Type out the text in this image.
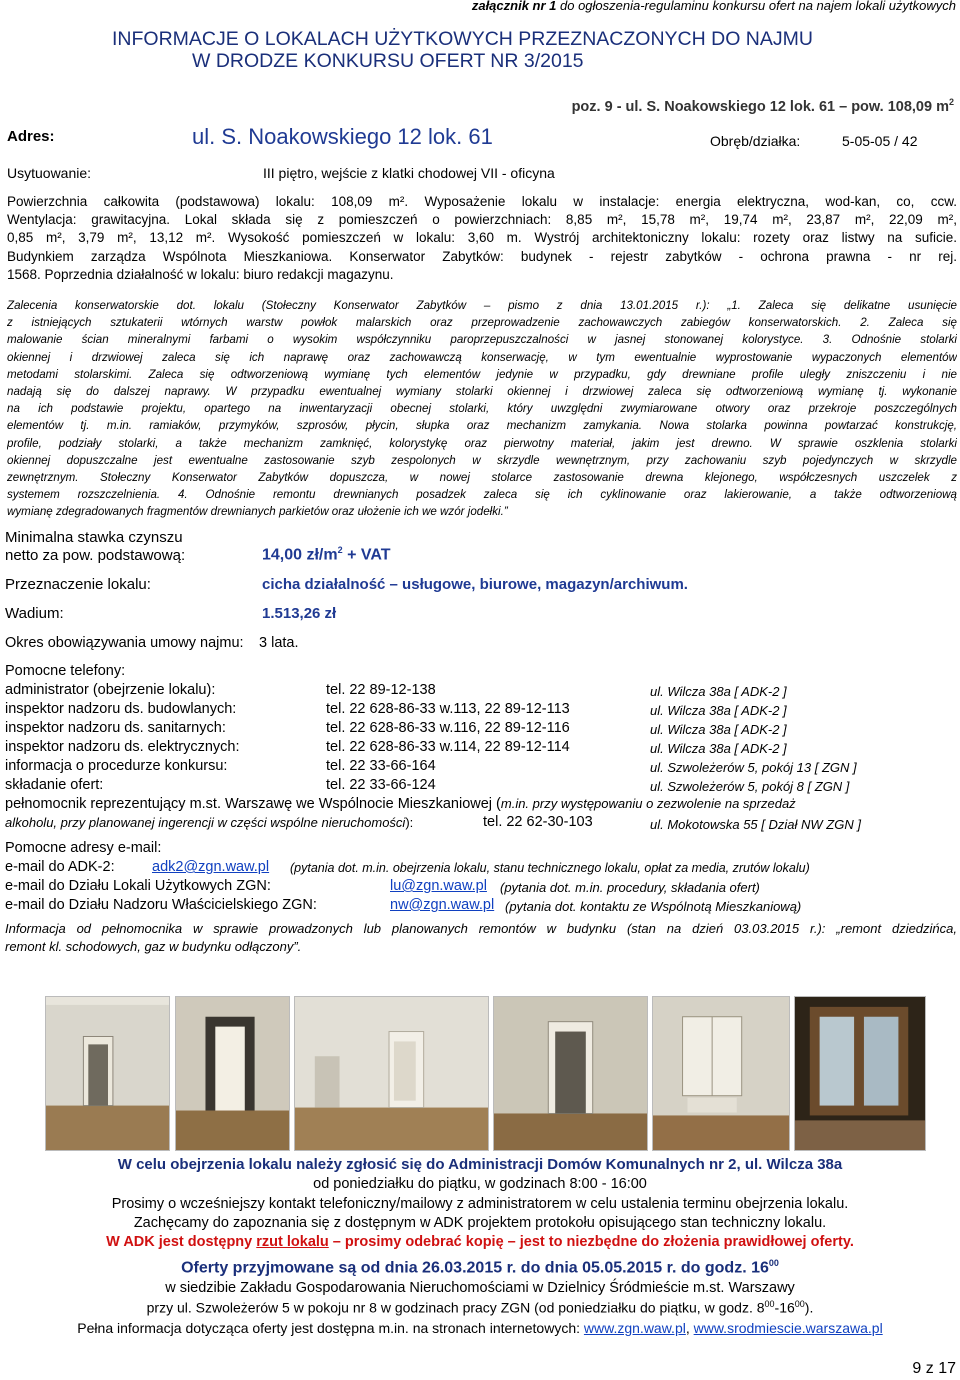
załącznik nr 1 do ogłoszenia-regulaminu konkursu ofert na najem lokali użytkowych
INFORMACJE O LOKALACH UŻYTKOWYCH PRZEZNACZONYCH DO NAJMU
W DRODZE KONKURSU OFERT NR 3/2015
poz. 9 - ul. S. Noakowskiego 12 lok. 61 – pow. 108,09 $m^2$
Adres:	ul. S. Noakowskiego 12 lok. 61	Obręb/działka:	5-05-05 / 42
Usytuowanie:	III piętro, wejście z klatki chodowej VII - oficyna
Powierzchnia całkowita (podstawowa) lokalu: 108,09 m². Wyposażenie lokalu w instalacje: energia elektryczna, wod-kan, co, ccw.
Wentylacja: grawitacyjna. Lokal składa się z pomieszczeń o powierzchniach: 8,85 m², 15,78 m², 19,74 m², 23,87 m², 22,09 m²,
0,85 m², 3,79 m², 13,12 m². Wysokość pomieszczeń w lokalu: 3,60 m. Wystrój architektoniczny lokalu: rozety oraz listwy na suficie.
Budynkiem zarządza Wspólnota Mieszkaniowa. Konserwator Zabytków: budynek - rejestr zabytków - ochrona prawna - nr rej.
1568. Poprzednia działalność w lokalu: biuro redakcji magazynu.
Zalecenia konserwatorskie dot. lokalu (Stołeczny Konserwator Zabytków – pismo z dnia 13.01.2015 r.): „1. Zaleca się delikatne usunięcie
z istniejących sztukaterii wtórnych warstw powłok malarskich oraz przeprowadzenie zachowawczych zabiegów konserwatorskich. 2. Zaleca się
malowanie ścian mineralnymi farbami o wysokim współczynniku paroprzepuszczalności w jasnej stonowanej kolorystyce. 3. Odnośnie stolarki
okiennej i drzwiowej zaleca się ich naprawę oraz zachowawczą konserwację, w tym ewentualnie wyprostowanie wypaczonych elementów
metodami stolarskimi. Zaleca się odtworzeniową wymianę tych elementów jedynie w przypadku, gdy drewniane profile uległy zniszczeniu i nie
nadają się do dalszej naprawy. W przypadku ewentualnej wymiany stolarki okiennej i drzwiowej zaleca się odtworzeniową wymianę tj. wykonanie
na ich podstawie projektu, opartego na inwentaryzacji obecnej stolarki, który uwzględni zwymiarowane otwory oraz przekroje poszczególnych
elementów tj. m.in. ramiaków, przymyków, szprosów, płycin, słupka oraz mechanizm zamykania. Nowa stolarka powinna powtarzać konstrukcję,
profile, podziały stolarki, a także mechanizm zamknięć, kolorystykę oraz pierwotny materiał, jakim jest drewno. W sprawie oszklenia stolarki
okiennej dopuszczalne jest ewentualne zastosowanie szyb zespolonych w skrzydle wewnętrznym, przy zachowaniu szyb pojedynczych w skrzydle
zewnętrznym. Stołeczny Konserwator Zabytków dopuszcza, w nowej stolarce zastosowanie drewna klejonego, współczesnych uszczelek z
systemem rozszczelnienia. 4. Odnośnie remontu drewnianych posadzek zaleca się ich cyklinowanie oraz lakierowanie, a także odtworzeniową
wymianę zdegradowanych fragmentów drewnianych parkietów oraz ułożenie ich we wzór jodełki.”
Minimalna stawka czynszu
netto za pow. podstawową:	14,00 $zł/m^2$ + VAT
Przeznaczenie lokalu:	cicha działalność – usługowe, biurowe, magazyn/archiwum.
Wadium:	1.513,26 zł
Okres obowiązywania umowy najmu: 3 lata.
Pomocne telefony:
administrator (obejrzenie lokalu):	tel. 22 89-12-138	ul. Wilcza 38a [ ADK-2 ]
inspektor nadzoru ds. budowlanych:	tel. 22 628-86-33 w.113, 22 89-12-113	ul. Wilcza 38a [ ADK-2 ]
inspektor nadzoru ds. sanitarnych:	tel. 22 628-86-33 w.116, 22 89-12-116	ul. Wilcza 38a [ ADK-2 ]
inspektor nadzoru ds. elektrycznych:	tel. 22 628-86-33 w.114, 22 89-12-114	ul. Wilcza 38a [ ADK-2 ]
informacja o procedurze konkursu:	tel. 22 33-66-164	ul. Szwoleżerów 5, pokój 13 [ ZGN ]
składanie ofert:	tel. 22 33-66-124	ul. Szwoleżerów 5, pokój 8 [ ZGN ]
pełnomocnik reprezentujący m.st. Warszawę we Wspólnocie Mieszkaniowej (m.in. przy występowaniu o zezwolenie na sprzedaż
alkoholu, przy planowanej ingerencji w części wspólne nieruchomości):	tel. 22 62-30-103	ul. Mokotowska 55 [ Dział NW ZGN ]
Pomocne adresy e-mail:
e-mail do ADK-2:	adk2@zgn.waw.pl (pytania dot. m.in. obejrzenia lokalu, stanu technicznego lokalu, opłat za media, zrutów lokalu)
e-mail do Działu Lokali Użytkowych ZGN:	lu@zgn.waw.pl (pytania dot. m.in. procedury, składania ofert)
e-mail do Działu Nadzoru Właścicielskiego ZGN:	nw@zgn.waw.pl (pytania dot. kontaktu ze Wspólnotą Mieszkaniową)
Informacja od pełnomocnika w sprawie prowadzonych lub planowanych remontów w budynku (stan na dzień 03.03.2015 r.): „remont dziedzińca,
remont kl. schodowych, gaz w budynku odłączony”.
W celu obejrzenia lokalu należy zgłosić się do Administracji Domów Komunalnych nr 2, ul. Wilcza 38a
od poniedziałku do piątku, w godzinach 8:00 - 16:00
Prosimy o wcześniejszy kontakt telefoniczny/mailowy z administratorem w celu ustalenia terminu obejrzenia lokalu.
Zachęcamy do zapoznania się z dostępnym w ADK projektem protokołu opisującego stan techniczny lokalu.
W ADK jest dostępny rzut lokalu – prosimy odebrać kopię – jest to niezbędne do złożenia prawidłowej oferty.
Oferty przyjmowane są od dnia 26.03.2015 r. do dnia 05.05.2015 r. do godz. $16^{00}$
w siedzibie Zakładu Gospodarowania Nieruchomościami w Dzielnicy Śródmieście m.st. Warszawy
przy ul. Szwoleżerów 5 w pokoju nr 8 w godzinach pracy ZGN (od poniedziałku do piątku, w godz. $8^{00}-16^{00}$).
Pełna informacja dotycząca oferty jest dostępna m.in. na stronach internetowych: www.zgn.waw.pl, www.srodmiescie.warszawa.pl
9 z 17
